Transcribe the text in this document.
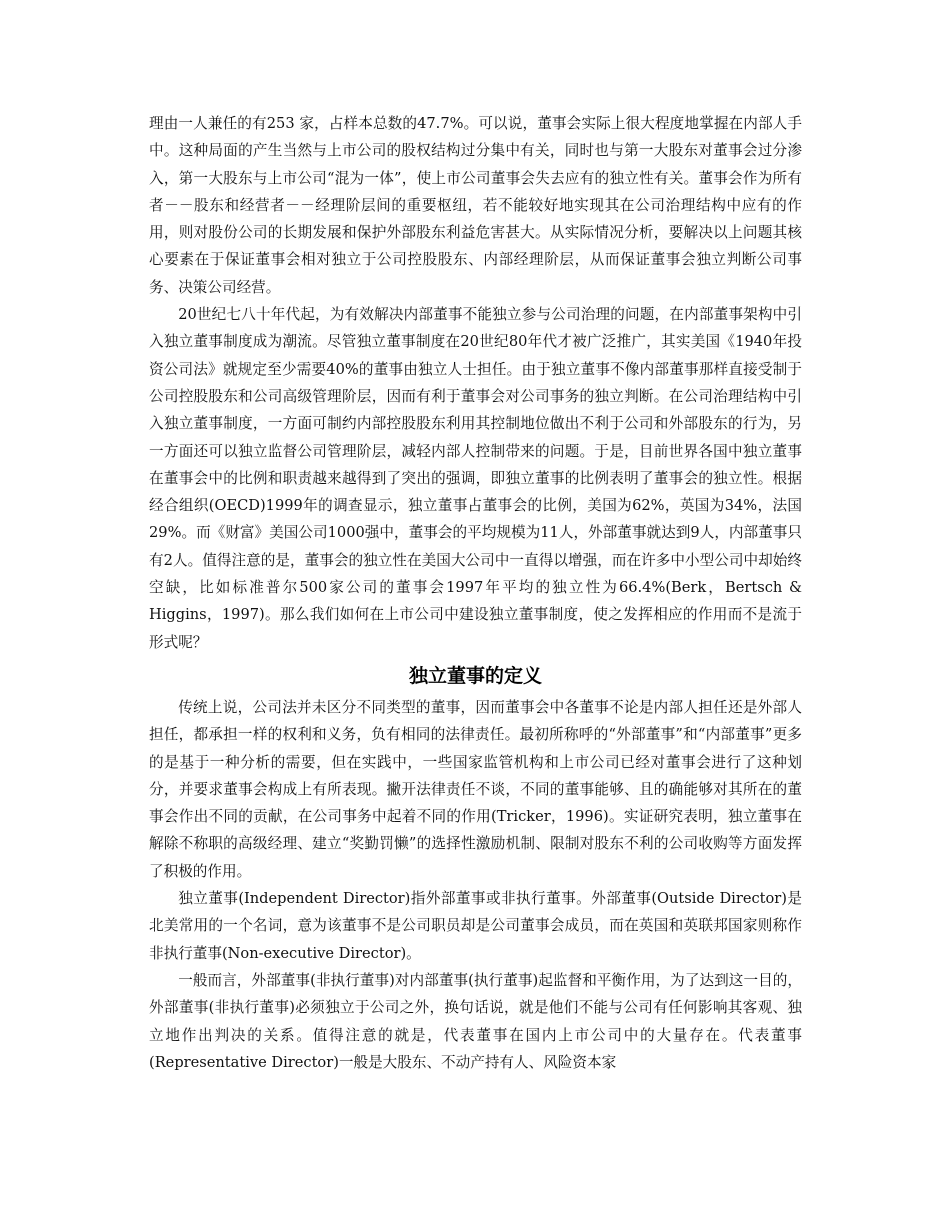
理由一人兼任的有253 家，占样本总数的47.7%。可以说，董事会实际上很大程度地掌握在内部人手中。这种局面的产生当然与上市公司的股权结构过分集中有关，同时也与第一大股东对董事会过分渗入，第一大股东与上市公司“混为一体”，使上市公司董事会失去应有的独立性有关。董事会作为所有者－－股东和经营者－－经理阶层间的重要枢纽，若不能较好地实现其在公司治理结构中应有的作用，则对股份公司的长期发展和保护外部股东利益危害甚大。从实际情况分析，要解决以上问题其核心要素在于保证董事会相对独立于公司控股股东、内部经理阶层，从而保证董事会独立判断公司事务、决策公司经营。

20世纪七八十年代起，为有效解决内部董事不能独立参与公司治理的问题，在内部董事架构中引入独立董事制度成为潮流。尽管独立董事制度在20世纪80年代才被广泛推广，其实美国《1940年投资公司法》就规定至少需要40%的董事由独立人士担任。由于独立董事不像内部董事那样直接受制于公司控股股东和公司高级管理阶层，因而有利于董事会对公司事务的独立判断。在公司治理结构中引入独立董事制度，一方面可制约内部控股股东利用其控制地位做出不利于公司和外部股东的行为，另一方面还可以独立监督公司管理阶层，减轻内部人控制带来的问题。于是，目前世界各国中独立董事在董事会中的比例和职责越来越得到了突出的强调，即独立董事的比例表明了董事会的独立性。根据经合组织(OECD)1999年的调查显示，独立董事占董事会的比例，美国为62%，英国为34%，法国29%。而《财富》美国公司1000强中，董事会的平均规模为11人，外部董事就达到9人，内部董事只有2人。值得注意的是，董事会的独立性在美国大公司中一直得以增强，而在许多中小型公司中却始终空缺，比如标准普尔500家公司的董事会1997年平均的独立性为66.4%(Berk，Bertsch & Higgins，1997)。那么我们如何在上市公司中建设独立董事制度，使之发挥相应的作用而不是流于形式呢？

独立董事的定义

传统上说，公司法并未区分不同类型的董事，因而董事会中各董事不论是内部人担任还是外部人担任，都承担一样的权利和义务，负有相同的法律责任。最初所称呼的“外部董事”和“内部董事”更多的是基于一种分析的需要，但在实践中，一些国家监管机构和上市公司已经对董事会进行了这种划分，并要求董事会构成上有所表现。撇开法律责任不谈，不同的董事能够、且的确能够对其所在的董事会作出不同的贡献，在公司事务中起着不同的作用(Tricker，1996)。实证研究表明，独立董事在解除不称职的高级经理、建立“奖勤罚懒”的选择性激励机制、限制对股东不利的公司收购等方面发挥了积极的作用。

独立董事(Independent Director)指外部董事或非执行董事。外部董事(Outside Director)是北美常用的一个名词，意为该董事不是公司职员却是公司董事会成员，而在英国和英联邦国家则称作非执行董事(Non-executive Director)。

一般而言，外部董事(非执行董事)对内部董事(执行董事)起监督和平衡作用，为了达到这一目的，外部董事(非执行董事)必须独立于公司之外，换句话说，就是他们不能与公司有任何影响其客观、独立地作出判决的关系。值得注意的就是，代表董事在国内上市公司中的大量存在。代表董事(Representative Director)一般是大股东、不动产持有人、风险资本家
